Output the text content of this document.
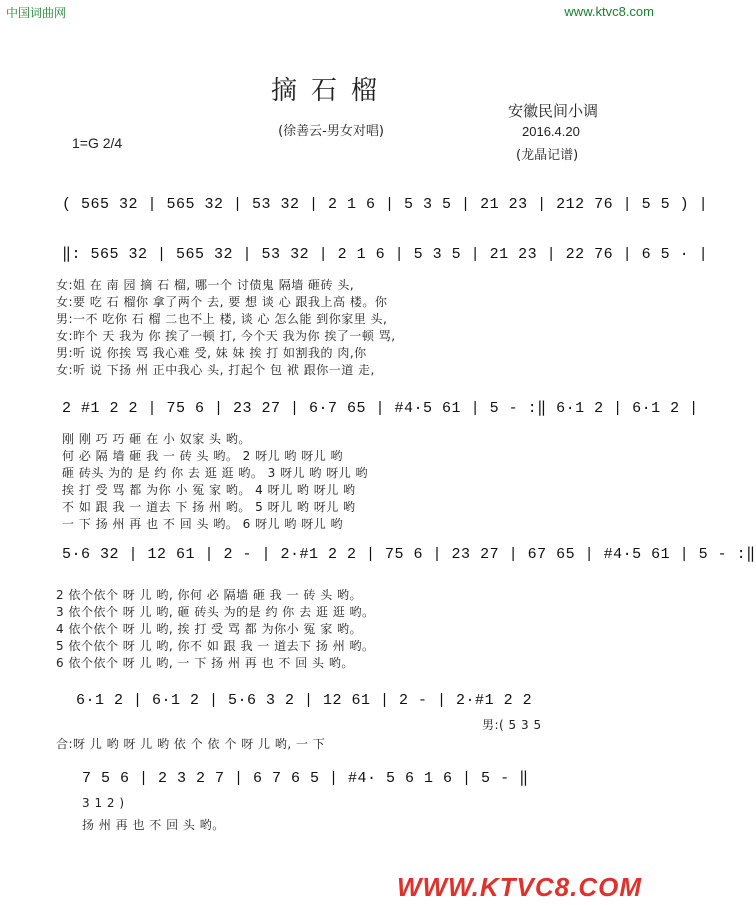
中国词曲网	www.ktvc8.com
摘石榴
(徐善云-男女对唱)
安徽民间小调
2016.4.20
(龙晶记谱)
1=G 2/4
( 565 32 | 565 32 | 53 32 | 2 1 6 | 5 3 5 | 21 23 | 212 76 | 5 5 ) |
‖: 565 32 | 565 32 | 53 32 | 2 1 6 | 5 3 5 | 21 23 | 22 76 | 6 5 · |
女:姐 在 南 园 摘 石 榴, 哪一个 讨债鬼 隔墙 砸砖 头,
女:要 吃 石 榴你 拿了两个 去, 要 想 谈 心 跟我上高 楼。你
男:一不 吃你 石 榴 二也不上 楼, 谈 心 怎么能 到你家里 头,
女:昨个 天 我为 你 挨了一顿 打, 今个天 我为你 挨了一顿 骂,
男:听 说 你挨 骂 我心难 受, 妹 妹 挨 打 如割我的 肉,你
女:听 说 下扬 州 正中我心 头, 打起个 包 袱 跟你一道 走,
2 #1 2 2 | 75 6 | 23 27 | 6·7 65 | #4·5 61 | 5 - :‖ 6·1 2 | 6·1 2 |
刚 刚 巧 巧 砸 在 小 奴家 头 哟。
何 必 隔 墙 砸 我 一 砖 头 哟。 2 呀儿 哟 呀儿 哟
砸 砖头 为的 是 约 你 去 逛 逛 哟。 3 呀儿 哟 呀儿 哟
挨 打 受 骂 都 为你 小 冤 家 哟。 4 呀儿 哟 呀儿 哟
不 如 跟 我 一 道去 下 扬 州 哟。 5 呀儿 哟 呀儿 哟
一 下 扬 州 再 也 不 回 头 哟。 6 呀儿 哟 呀儿 哟
5·6 32 | 12 61 | 2 - | 2·#1 2 2 | 75 6 | 23 27 | 67 65 | #4·5 61 | 5 - :‖
2 依个依个 呀 儿 哟, 你何 必 隔墙 砸 我 一 砖 头 哟。
3 依个依个 呀 儿 哟, 砸 砖头 为的是 约 你 去 逛 逛 哟。
4 依个依个 呀 儿 哟, 挨 打 受 骂 都 为你小 冤 家 哟。
5 依个依个 呀 儿 哟, 你不 如 跟 我 一 道去下 扬 州 哟。
6 依个依个 呀 儿 哟, 一 下 扬 州 再 也 不 回 头 哟。
6·1 2 | 6·1 2 | 5·6 3 2 | 12 61 | 2 - | 2·#1 2 2
男:( 5 3 5
合:呀 儿 哟 呀 儿 哟 依 个 依 个 呀 儿 哟, 一 下
7 5 6 | 2 3 2 7 | 6 7 6 5 | #4· 5 6 1 6 | 5 - ‖
3 1 2 )
扬 州 再 也 不 回 头 哟。
WWW.KTVC8.COM
